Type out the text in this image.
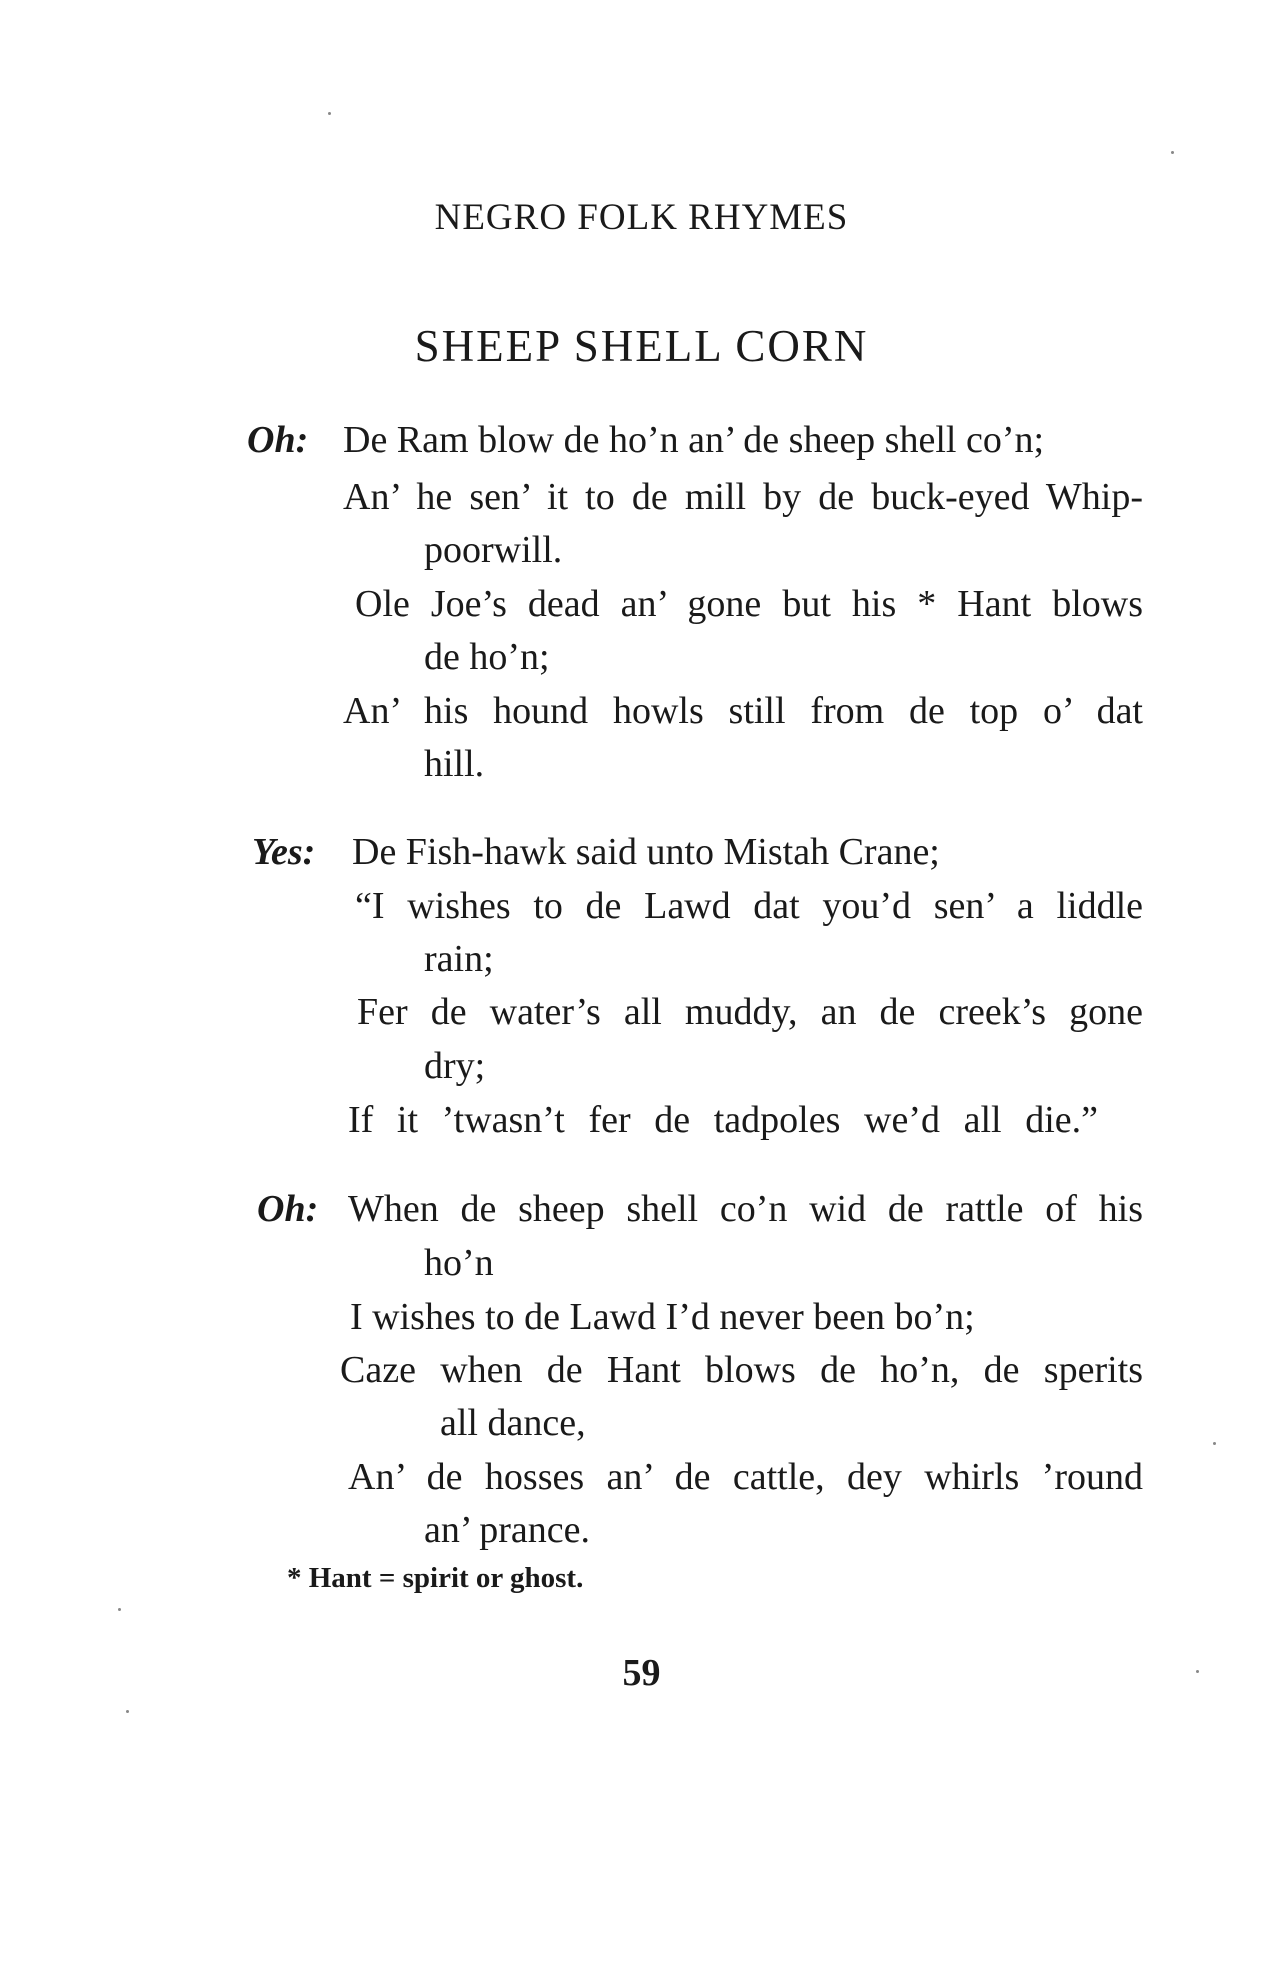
NEGRO FOLK RHYMES
SHEEP SHELL CORN
Oh: De Ram blow de ho’n an’ de sheep shell co’n;
An’ he sen’ it to de mill by de buck-eyed Whip-
poorwill.
Ole Joe’s dead an’ gone but his * Hant blows
de ho’n;
An’ his hound howls still from de top o’ dat
hill.
Yes: De Fish-hawk said unto Mistah Crane;
“I wishes to de Lawd dat you’d sen’ a liddle
rain;
Fer de water’s all muddy, an de creek’s gone
dry;
If it ’twasn’t fer de tadpoles we’d all die.”
Oh: When de sheep shell co’n wid de rattle of his
ho’n
I wishes to de Lawd I’d never been bo’n;
Caze when de Hant blows de ho’n, de sperits
all dance,
An’ de hosses an’ de cattle, dey whirls ’round
an’ prance.
* Hant = spirit or ghost.
59
